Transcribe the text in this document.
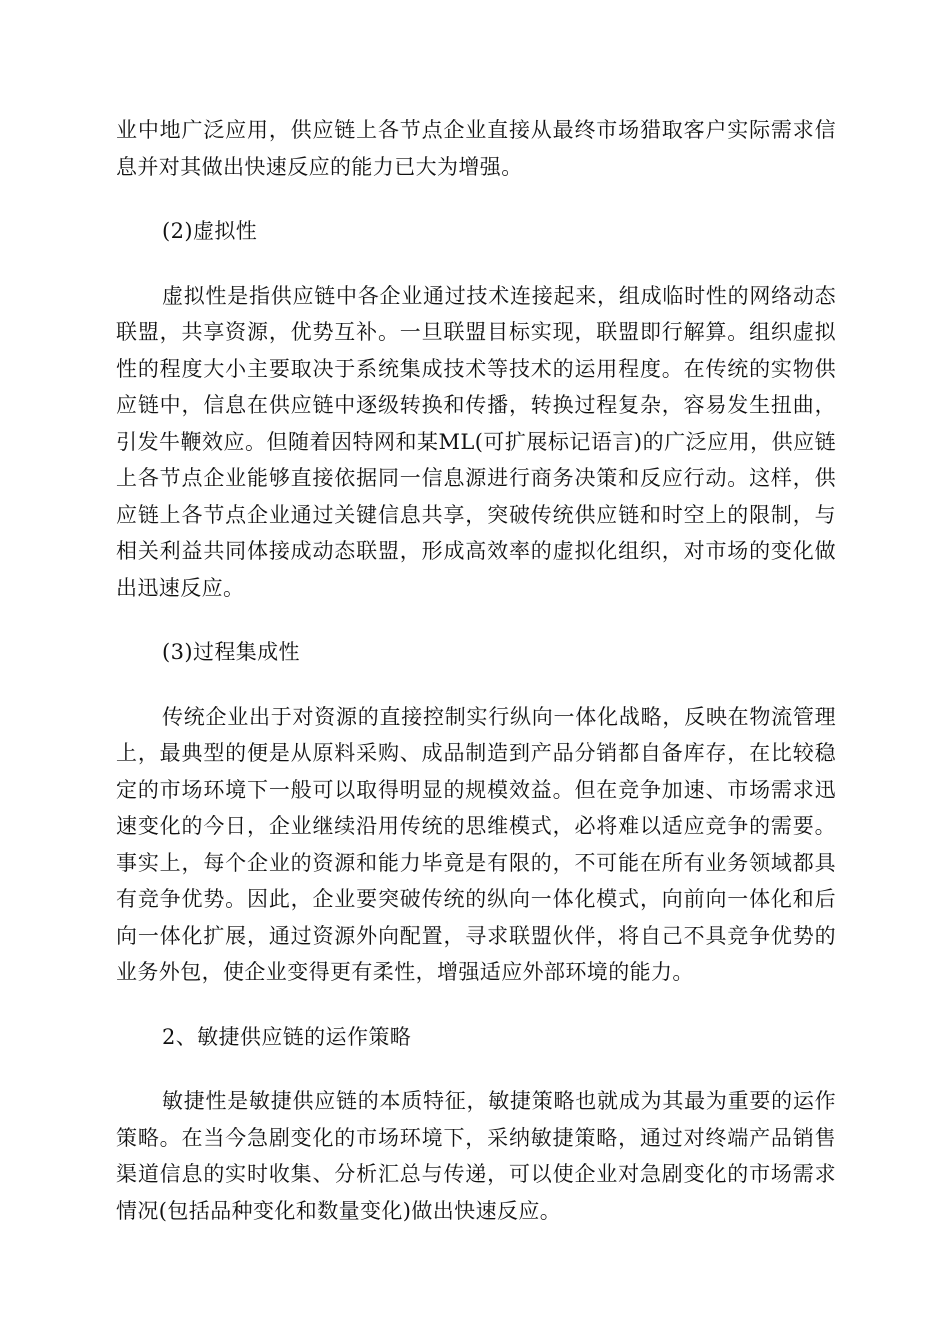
业中地广泛应用，供应链上各节点企业直接从最终市场猎取客户实际需求信息并对其做出快速反应的能力已大为增强。

(2)虚拟性

虚拟性是指供应链中各企业通过技术连接起来，组成临时性的网络动态联盟，共享资源，优势互补。一旦联盟目标实现，联盟即行解算。组织虚拟性的程度大小主要取决于系统集成技术等技术的运用程度。在传统的实物供应链中，信息在供应链中逐级转换和传播，转换过程复杂，容易发生扭曲，引发牛鞭效应。但随着因特网和某ML(可扩展标记语言)的广泛应用，供应链上各节点企业能够直接依据同一信息源进行商务决策和反应行动。这样，供应链上各节点企业通过关键信息共享，突破传统供应链和时空上的限制，与相关利益共同体接成动态联盟，形成高效率的虚拟化组织，对市场的变化做出迅速反应。

(3)过程集成性

传统企业出于对资源的直接控制实行纵向一体化战略，反映在物流管理上，最典型的便是从原料采购、成品制造到产品分销都自备库存，在比较稳定的市场环境下一般可以取得明显的规模效益。但在竞争加速、市场需求迅速变化的今日，企业继续沿用传统的思维模式，必将难以适应竞争的需要。事实上，每个企业的资源和能力毕竟是有限的，不可能在所有业务领域都具有竞争优势。因此，企业要突破传统的纵向一体化模式，向前向一体化和后向一体化扩展，通过资源外向配置，寻求联盟伙伴，将自己不具竞争优势的业务外包，使企业变得更有柔性，增强适应外部环境的能力。

2、敏捷供应链的运作策略

敏捷性是敏捷供应链的本质特征，敏捷策略也就成为其最为重要的运作策略。在当今急剧变化的市场环境下，采纳敏捷策略，通过对终端产品销售渠道信息的实时收集、分析汇总与传递，可以使企业对急剧变化的市场需求情况(包括品种变化和数量变化)做出快速反应。
